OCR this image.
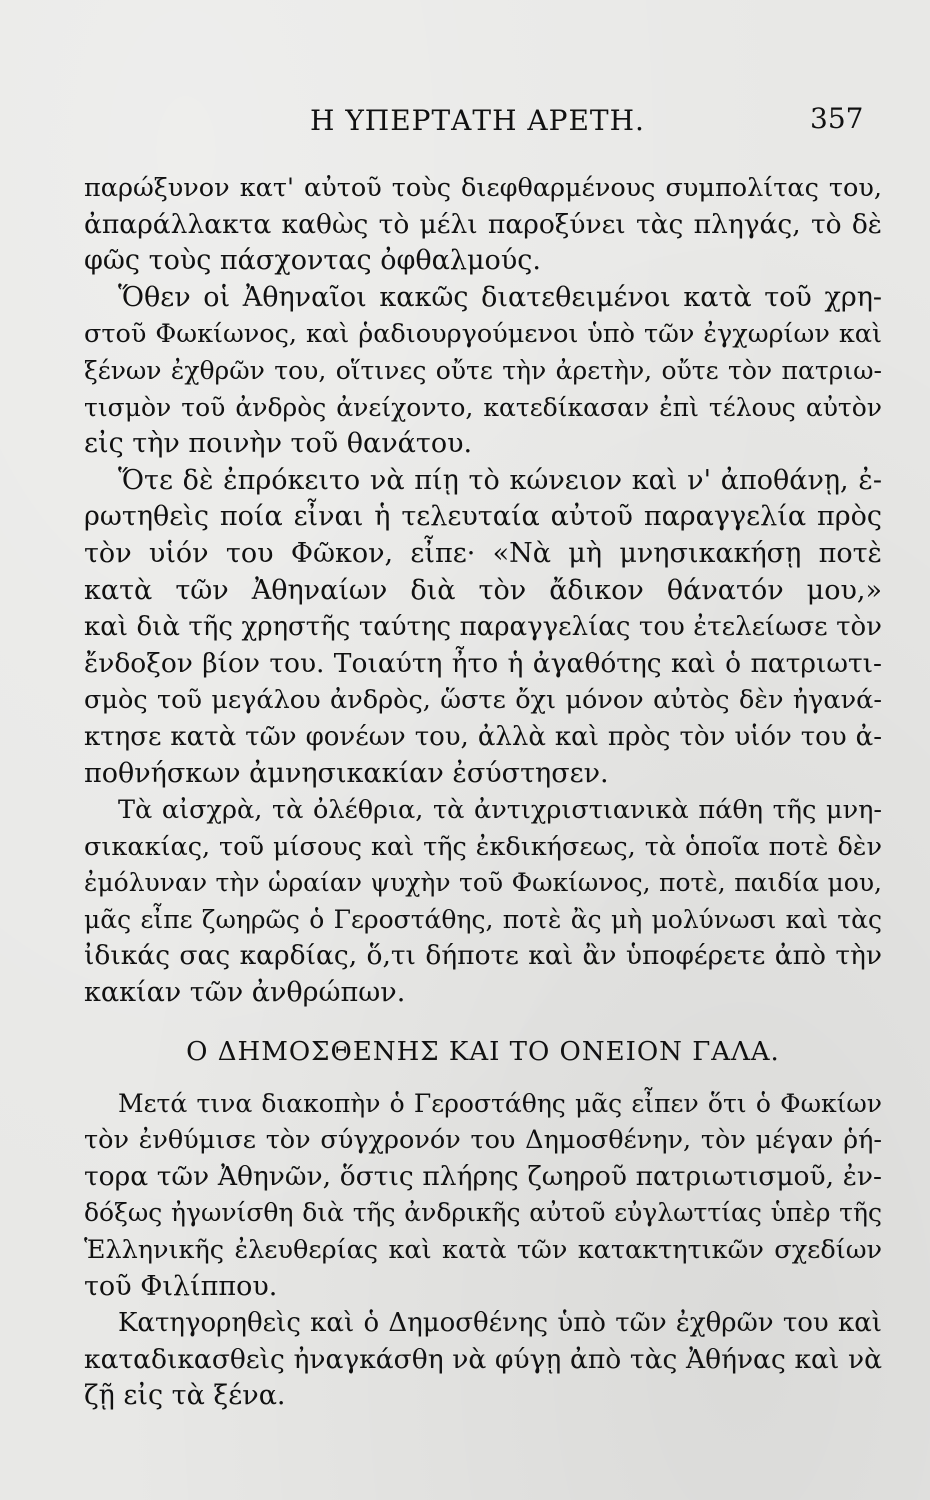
Η ΥΠΕΡΤΑΤΗ ΑΡΕΤΗ.	357
παρώξυνον κατ' αὐτοῦ τοὺς διεφθαρμένους συμπολίτας του,
ἀπαράλλακτα καθὼς τὸ μέλι παροξύνει τὰς πληγάς, τὸ δὲ
φῶς τοὺς πάσχοντας ὀφθαλμούς.
Ὅθεν οἱ Ἀθηναῖοι κακῶς διατεθειμένοι κατὰ τοῦ χρη-
στοῦ Φωκίωνος, καὶ ῥαδιουργούμενοι ὑπὸ τῶν ἐγχωρίων καὶ
ξένων ἐχθρῶν του, οἵτινες οὔτε τὴν ἀρετὴν, οὔτε τὸν πατριω-
τισμὸν τοῦ ἀνδρὸς ἀνείχοντο, κατεδίκασαν ἐπὶ τέλους αὐτὸν
εἰς τὴν ποινὴν τοῦ θανάτου.
Ὅτε δὲ ἐπρόκειτο νὰ πίῃ τὸ κώνειον καὶ ν' ἀποθάνῃ, ἐ-
ρωτηθεὶς ποία εἶναι ἡ τελευταία αὐτοῦ παραγγελία πρὸς
τὸν υἱόν του Φῶκον, εἶπε· «Νὰ μὴ μνησικακήσῃ ποτὲ
κατὰ τῶν Ἀθηναίων διὰ τὸν ἄδικον θάνατόν μου,»
καὶ διὰ τῆς χρηστῆς ταύτης παραγγελίας του ἐτελείωσε τὸν
ἔνδοξον βίον του. Τοιαύτη ἦτο ἡ ἀγαθότης καὶ ὁ πατριωτι-
σμὸς τοῦ μεγάλου ἀνδρὸς, ὥστε ὄχι μόνον αὐτὸς δὲν ἠγανά-
κτησε κατὰ τῶν φονέων του, ἀλλὰ καὶ πρὸς τὸν υἱόν του ἀ-
ποθνήσκων ἀμνησικακίαν ἐσύστησεν.
Τὰ αἰσχρὰ, τὰ ὀλέθρια, τὰ ἀντιχριστιανικὰ πάθη τῆς μνη-
σικακίας, τοῦ μίσους καὶ τῆς ἐκδικήσεως, τὰ ὁποῖα ποτὲ δὲν
ἐμόλυναν τὴν ὡραίαν ψυχὴν τοῦ Φωκίωνος, ποτὲ, παιδία μου,
μᾶς εἶπε ζωηρῶς ὁ Γεροστάθης, ποτὲ ἂς μὴ μολύνωσι καὶ τὰς
ἰδικάς σας καρδίας, ὅ,τι δήποτε καὶ ἂν ὑποφέρετε ἀπὸ τὴν
κακίαν τῶν ἀνθρώπων.
Ο ΔΗΜΟΣΘΕΝΗΣ ΚΑΙ ΤΟ ΟΝΕΙΟΝ ΓΑΛΑ.
Μετά τινα διακοπὴν ὁ Γεροστάθης μᾶς εἶπεν ὅτι ὁ Φωκίων
τὸν ἐνθύμισε τὸν σύγχρονόν του Δημοσθένην, τὸν μέγαν ῥή-
τορα τῶν Ἀθηνῶν, ὅστις πλήρης ζωηροῦ πατριωτισμοῦ, ἐν-
δόξως ἠγωνίσθη διὰ τῆς ἀνδρικῆς αὐτοῦ εὐγλωττίας ὑπὲρ τῆς
Ἑλληνικῆς ἐλευθερίας καὶ κατὰ τῶν κατακτητικῶν σχεδίων
τοῦ Φιλίππου.
Κατηγορηθεὶς καὶ ὁ Δημοσθένης ὑπὸ τῶν ἐχθρῶν του καὶ
καταδικασθεὶς ἠναγκάσθη νὰ φύγῃ ἀπὸ τὰς Ἀθήνας καὶ νὰ
ζῇ εἰς τὰ ξένα.
